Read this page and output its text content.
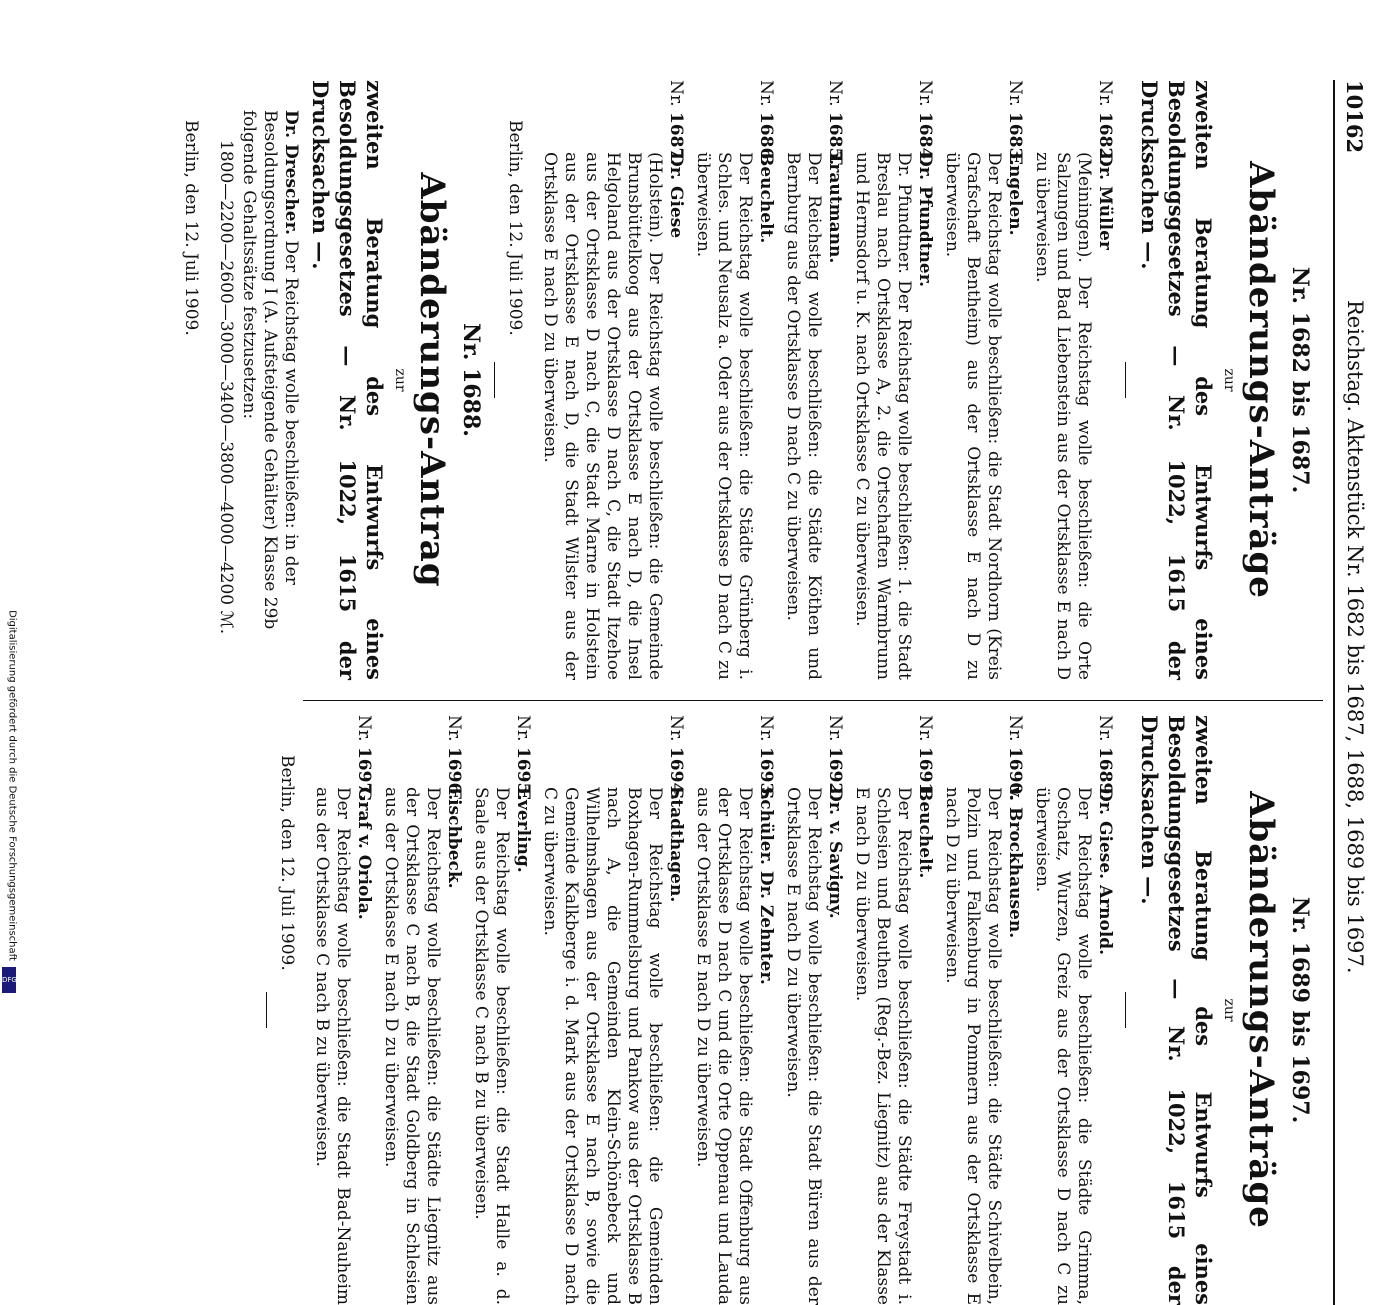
10162
Reichstag. Aktenstück Nr. 1682 bis 1687, 1688, 1689 bis 1697.
Nr. 1682 bis 1687.
Abänderungs-Anträge
zur
zweiten Beratung des Entwurfs eines Besoldungsgesetzes — Nr. 1022, 1615 der Drucksachen —.
Nr. 1682.
Dr. Müller
(Meiningen). Der Reichstag wolle beschließen: die Orte Salzungen und Bad Liebenstein aus der Ortsklasse E nach D zu überweisen.
Nr. 1683.
Engelen.
Der Reichstag wolle beschließen: die Stadt Nordhorn (Kreis Grafschaft Bentheim) aus der Ortsklasse E nach D zu überweisen.
Nr. 1684.
Dr. Pfundtner.
Dr. Pfundtner. Der Reichstag wolle beschließen: 1. die Stadt Breslau nach Ortsklasse A, 2. die Ortschaften Warmbrunn und Hermsdorf u. K. nach Ortsklasse C zu überweisen.
Nr. 1685.
Trautmann.
Der Reichstag wolle beschließen: die Städte Köthen und Bernburg aus der Ortsklasse D nach C zu überweisen.
Nr. 1686.
Beuchelt.
Der Reichstag wolle beschließen: die Städte Grünberg i. Schles. und Neusalz a. Oder aus der Ortsklasse D nach C zu überweisen.
Nr. 1687.
Dr. Giese
(Holstein). Der Reichstag wolle beschließen: die Gemeinde Brunsbüttelkoog aus der Ortsklasse E nach D, die Insel Helgoland aus der Ortsklasse D nach C, die Stadt Itzehoe aus der Ortsklasse D nach C, die Stadt Marne in Holstein aus der Ortsklasse E nach D, die Stadt Wilster aus der Ortsklasse E nach D zu überweisen.
Berlin, den 12. Juli 1909.
Nr. 1688.
Abänderungs-Antrag
zur
zweiten Beratung des Entwurfs eines Besoldungsgesetzes — Nr. 1022, 1615 der Drucksachen —.
Dr. Drescher. Der Reichstag wolle beschließen: in der Besoldungsordnung I (A. Aufsteigende Gehälter) Klasse 29b folgende Gehaltssätze festzusetzen:
1800—2200—2600—3000—3400—3800—4000—4200 ℳ.
Berlin, den 12. Juli 1909.
Nr. 1689 bis 1697.
Abänderungs-Anträge
zur
zweiten Beratung des Entwurfs eines Besoldungsgesetzes — Nr. 1022, 1615 der Drucksachen —.
Nr. 1689.
Dr. Giese. Arnold.
Der Reichstag wolle beschließen: die Städte Grimma, Oschatz, Wurzen, Greiz aus der Ortsklasse D nach C zu überweisen.
Nr. 1690.
v. Brockhausen.
Der Reichstag wolle beschließen: die Städte Schivelbein, Polzin und Falkenburg in Pommern aus der Ortsklasse E nach D zu überweisen.
Nr. 1691.
Beuchelt.
Der Reichstag wolle beschließen: die Städte Freystadt i. Schlesien und Beuthen (Reg.-Bez. Liegnitz) aus der Klasse E nach D zu überweisen.
Nr. 1692.
Dr. v. Savigny.
Der Reichstag wolle beschließen: die Stadt Büren aus der Ortsklasse E nach D zu überweisen.
Nr. 1693.
Schüler. Dr. Zehnter.
Der Reichstag wolle beschließen: die Stadt Offenburg aus der Ortsklasse D nach C und die Orte Oppenau und Lauda aus der Ortsklasse E nach D zu überweisen.
Nr. 1694.
Stadthagen.
Der Reichstag wolle beschließen: die Gemeinden Boxhagen-Rummelsburg und Pankow aus der Ortsklasse B nach A, die Gemeinden Klein-Schönebeck und Wilhelmshagen aus der Ortsklasse E nach B, sowie die Gemeinde Kalkberge i. d. Mark aus der Ortsklasse D nach C zu überweisen.
Nr. 1695.
Everling.
Der Reichstag wolle beschließen: die Stadt Halle a. d. Saale aus der Ortsklasse C nach B zu überweisen.
Nr. 1696.
Fischbeck.
Der Reichstag wolle beschließen: die Städte Liegnitz aus der Ortsklasse C nach B, die Stadt Goldberg in Schlesien aus der Ortsklasse E nach D zu überweisen.
Nr. 1697.
Graf v. Oriola.
Der Reichstag wolle beschließen: die Stadt Bad-Nauheim aus der Ortsklasse C nach B zu überweisen.
Berlin, den 12. Juli 1909.
Digitalisierung gefördert durch die Deutsche Forschungsgemeinschaft
DFG
